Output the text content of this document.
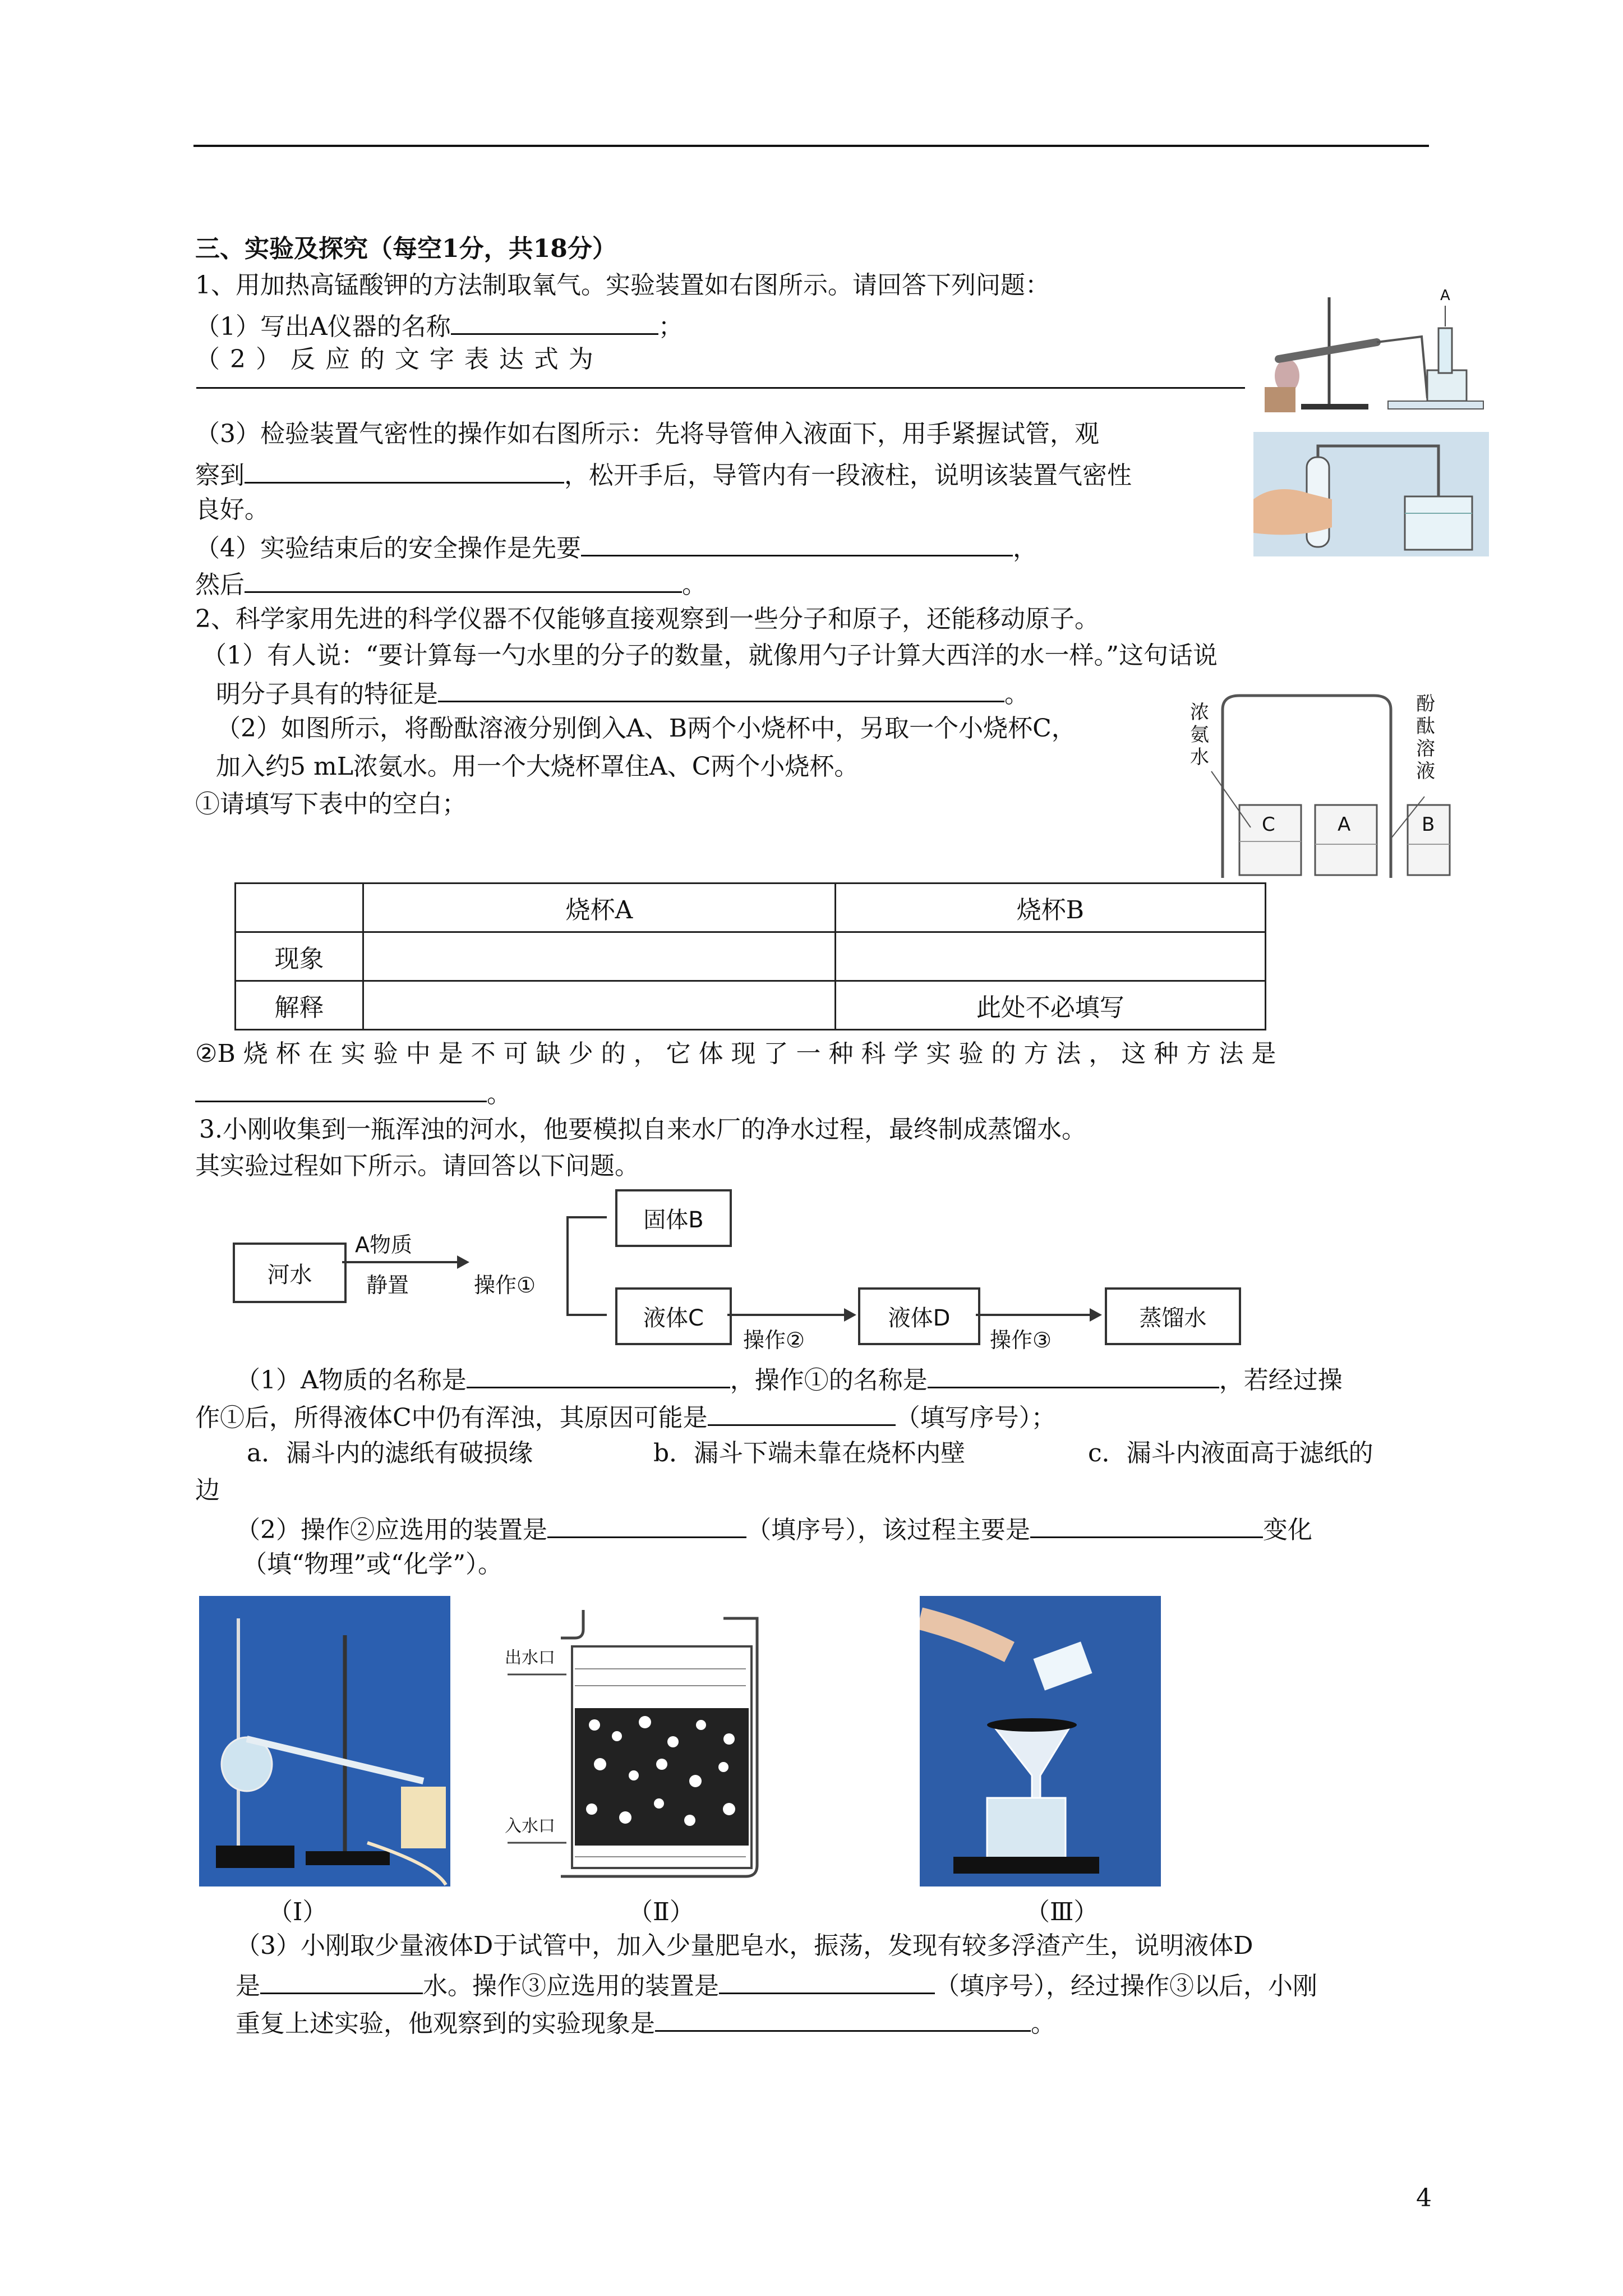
三、实验及探究（每空1分，共18分）
1、用加热高锰酸钾的方法制取氧气。实验装置如右图所示。请回答下列问题：
（1）写出A仪器的名称	；
（ 2 ） 反 应 的 文 字 表 达 式 为
（3）检验装置气密性的操作如右图所示：先将导管伸入液面下，用手紧握试管，观
察到	，松开手后，导管内有一段液柱，说明该装置气密性
良好。
（4）实验结束后的安全操作是先要	，
然后	。
A
2、科学家用先进的科学仪器不仅能够直接观察到一些分子和原子，还能移动原子。
（1）有人说：“要计算每一勺水里的分子的数量，就像用勺子计算大西洋的水一样。”这句话说
明分子具有的特征是	。
（2）如图所示，将酚酞溶液分别倒入A、B两个小烧杯中，另取一个小烧杯C，
加入约5 mL浓氨水。用一个大烧杯罩住A、C两个小烧杯。
①请填写下表中的空白；
浓氨水
酚酞溶液
C	A	B
	烧杯A	烧杯B
现象		
解释		此处不必填写
②B 烧 杯 在 实 验 中 是 不 可 缺 少 的 ， 它 体 现 了 一 种 科 学 实 验 的 方 法 ， 这 种 方 法 是
。
3.小刚收集到一瓶浑浊的河水，他要模拟自来水厂的净水过程，最终制成蒸馏水。
其实验过程如下所示。请回答以下问题。
河水
A物质
静置	操作①
固体B
液体C
操作②
液体D
操作③
蒸馏水
（1）A物质的名称是	，操作①的名称是	，若经过操
作①后，所得液体C中仍有浑浊，其原因可能是	（填写序号）；
a．漏斗内的滤纸有破损缘	b．漏斗下端未靠在烧杯内壁	c．漏斗内液面高于滤纸的
边
（2）操作②应选用的装置是	（填序号），该过程主要是	变化
（填“物理”或“化学”）。
出水口
入水口
（Ⅰ）	（Ⅱ）	（Ⅲ）
（3）小刚取少量液体D于试管中，加入少量肥皂水，振荡，发现有较多浮渣产生，说明液体D
是	水。操作③应选用的装置是	（填序号），经过操作③以后，小刚
重复上述实验，他观察到的实验现象是	。
4
